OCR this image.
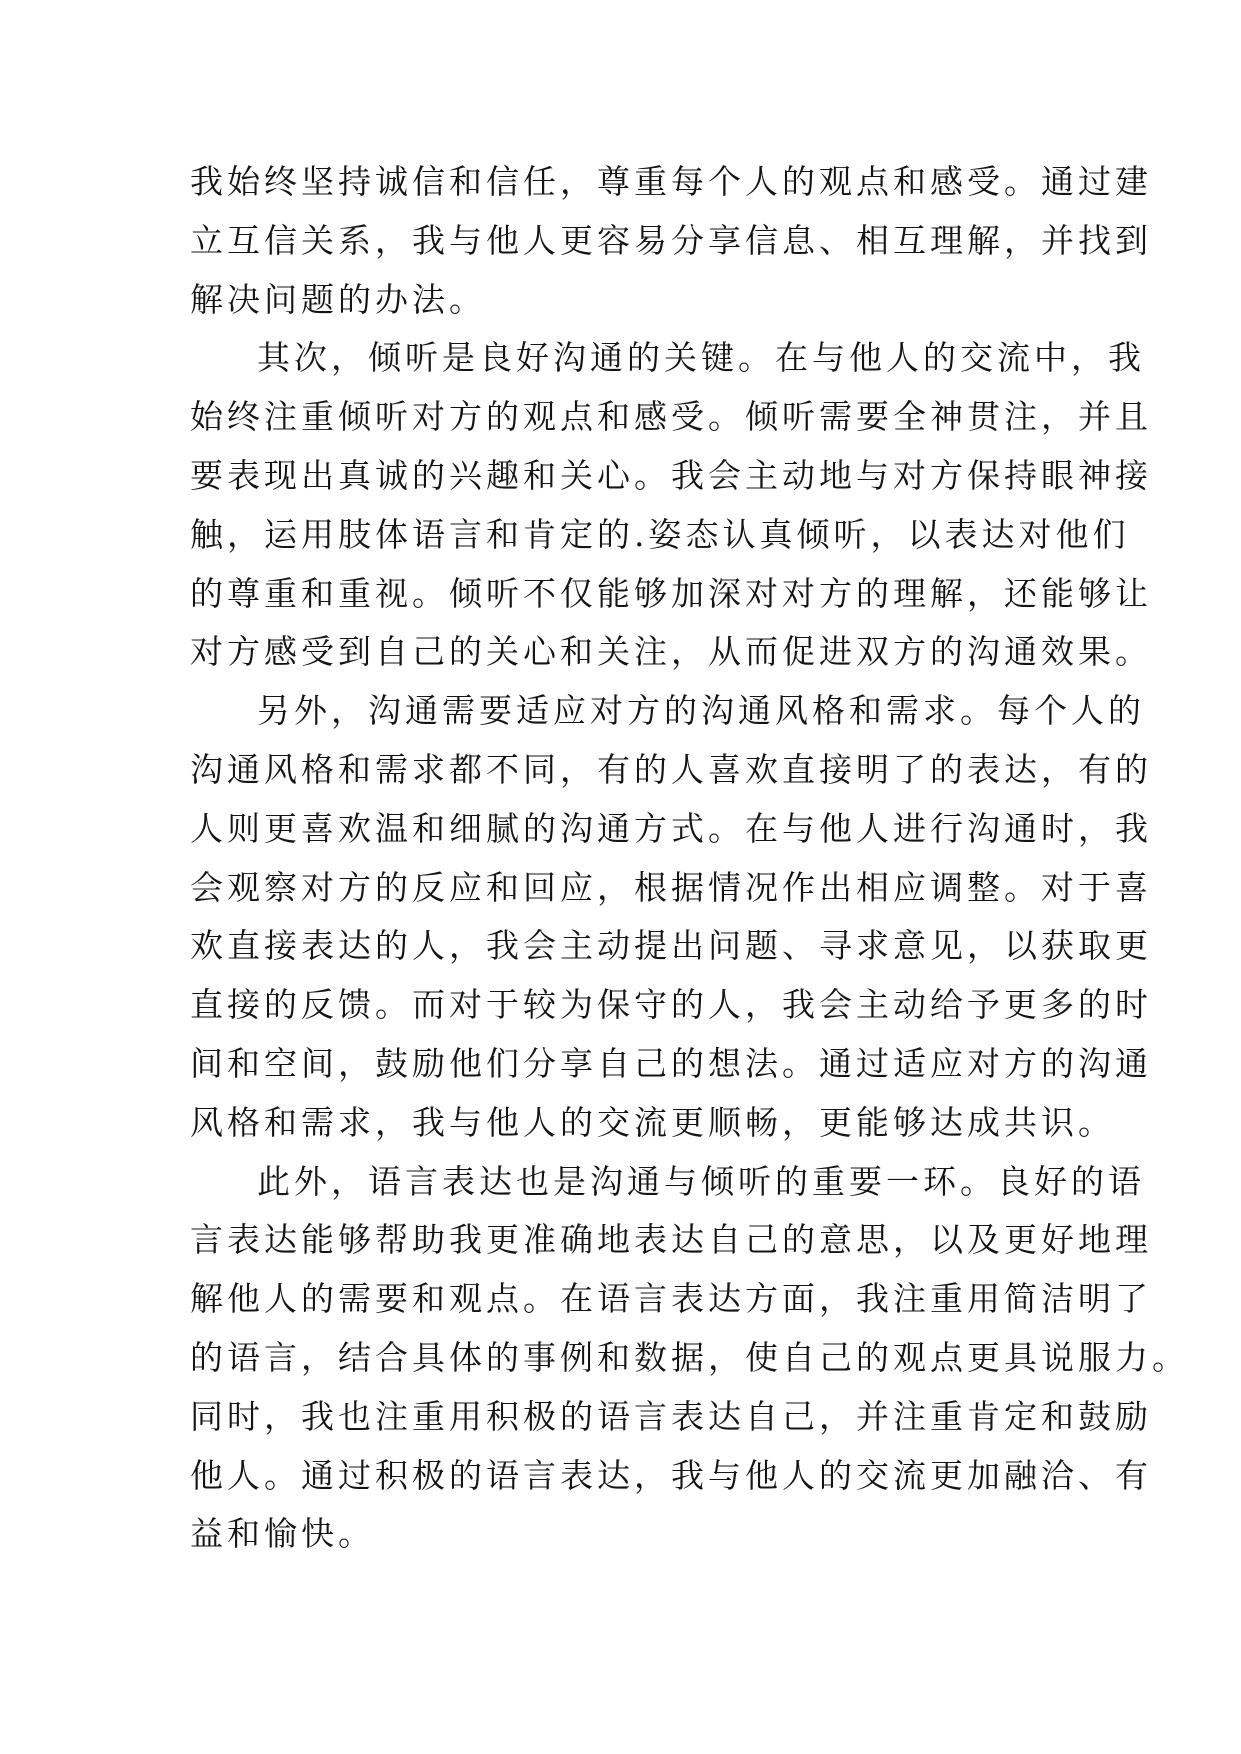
我始终坚持诚信和信任，尊重每个人的观点和感受。通过建
立互信关系，我与他人更容易分享信息、相互理解，并找到
解决问题的办法。
其次，倾听是良好沟通的关键。在与他人的交流中，我
始终注重倾听对方的观点和感受。倾听需要全神贯注，并且
要表现出真诚的兴趣和关心。我会主动地与对方保持眼神接
触，运用肢体语言和肯定的.姿态认真倾听，以表达对他们
的尊重和重视。倾听不仅能够加深对对方的理解，还能够让
对方感受到自己的关心和关注，从而促进双方的沟通效果。
另外，沟通需要适应对方的沟通风格和需求。每个人的
沟通风格和需求都不同，有的人喜欢直接明了的表达，有的
人则更喜欢温和细腻的沟通方式。在与他人进行沟通时，我
会观察对方的反应和回应，根据情况作出相应调整。对于喜
欢直接表达的人，我会主动提出问题、寻求意见，以获取更
直接的反馈。而对于较为保守的人，我会主动给予更多的时
间和空间，鼓励他们分享自己的想法。通过适应对方的沟通
风格和需求，我与他人的交流更顺畅，更能够达成共识。
此外，语言表达也是沟通与倾听的重要一环。良好的语
言表达能够帮助我更准确地表达自己的意思，以及更好地理
解他人的需要和观点。在语言表达方面，我注重用简洁明了
的语言，结合具体的事例和数据，使自己的观点更具说服力。
同时，我也注重用积极的语言表达自己，并注重肯定和鼓励
他人。通过积极的语言表达，我与他人的交流更加融洽、有
益和愉快。
